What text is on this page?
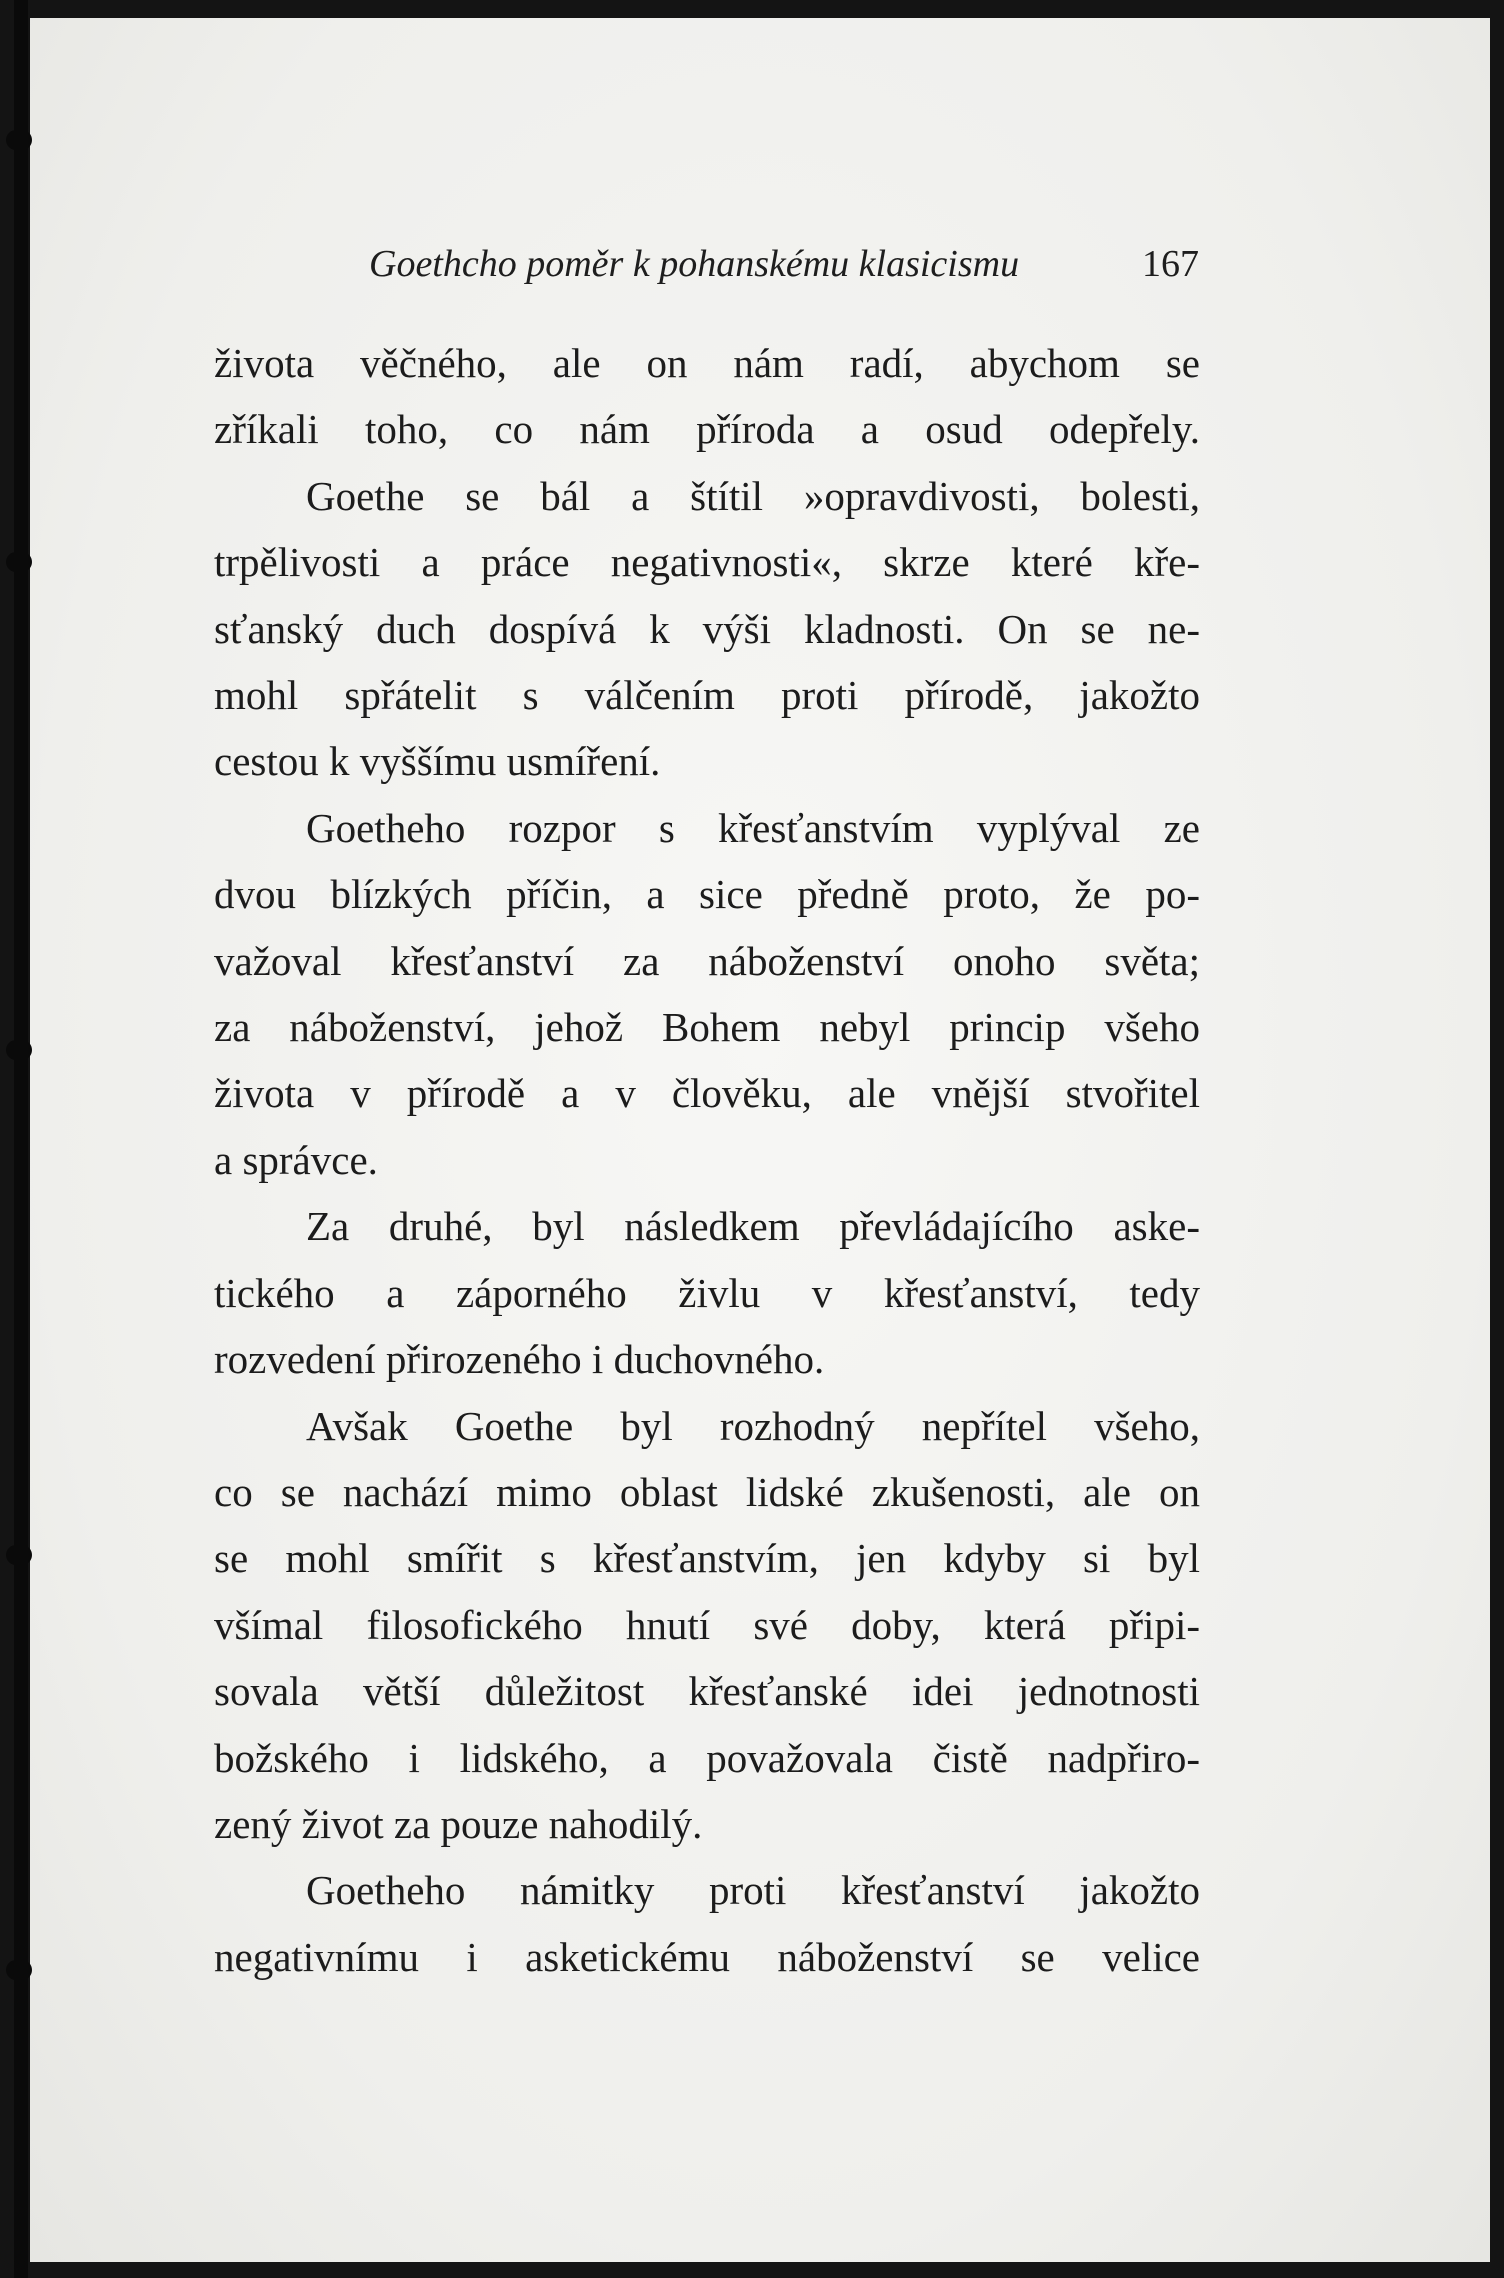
Goethcho poměr k pohanskému klasicismu	167

života věčného, ale on nám radí, abychom se

zříkali toho, co nám příroda a osud odepřely.

Goethe se bál a štítil »opravdivosti, bolesti,

trpělivosti a práce negativnosti«, skrze které kře-

sťanský duch dospívá k výši kladnosti. On se ne-

mohl spřátelit s válčením proti přírodě, jakožto

cestou k vyššímu usmíření.

Goetheho rozpor s křesťanstvím vyplýval ze

dvou blízkých příčin, a sice předně proto, že po-

važoval křesťanství za náboženství onoho světa;

za náboženství, jehož Bohem nebyl princip všeho

života v přírodě a v člověku, ale vnější stvořitel

a správce.

Za druhé, byl následkem převládajícího aske-

tického a záporného živlu v křesťanství, tedy

rozvedení přirozeného i duchovného.

Avšak Goethe byl rozhodný nepřítel všeho,

co se nachází mimo oblast lidské zkušenosti, ale on

se mohl smířit s křesťanstvím, jen kdyby si byl

všímal filosofického hnutí své doby, která připi-

sovala větší důležitost křesťanské idei jednotnosti

božského i lidského, a považovala čistě nadpřiro-

zený život za pouze nahodilý.

Goetheho námitky proti křesťanství jakožto

negativnímu i asketickému náboženství se velice
